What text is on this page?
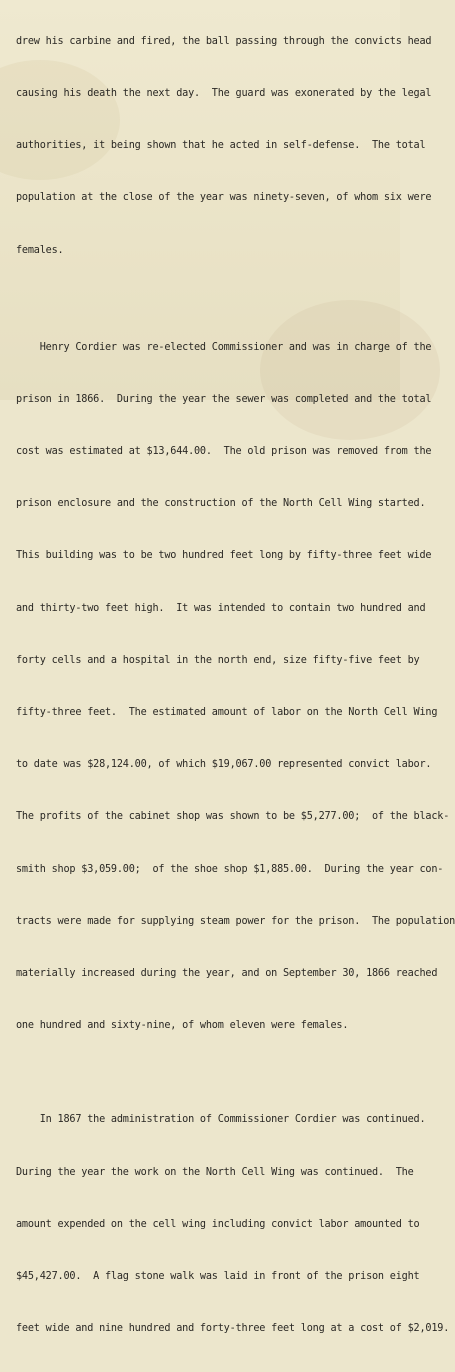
drew his carbine and fired, the ball passing through the convicts head

causing his death the next day.  The guard was exonerated by the legal

authorities, it being shown that he acted in self-defense.  The total

population at the close of the year was ninety-seven, of whom six were

females.

Henry Cordier was re-elected Commissioner and was in charge of the

prison in 1866.  During the year the sewer was completed and the total

cost was estimated at $13,644.00.  The old prison was removed from the

prison enclosure and the construction of the North Cell Wing started.

This building was to be two hundred feet long by fifty-three feet wide

and thirty-two feet high.  It was intended to contain two hundred and

forty cells and a hospital in the north end, size fifty-five feet by

fifty-three feet.  The estimated amount of labor on the North Cell Wing

to date was $28,124.00, of which $19,067.00 represented convict labor.

The profits of the cabinet shop was shown to be $5,277.00;  of the black-

smith shop $3,059.00;  of the shoe shop $1,885.00.  During the year con-

tracts were made for supplying steam power for the prison.  The population

materially increased during the year, and on September 30, 1866 reached

one hundred and sixty-nine, of whom eleven were females.

In 1867 the administration of Commissioner Cordier was continued.

During the year the work on the North Cell Wing was continued.  The

amount expended on the cell wing including convict labor amounted to

$45,427.00.  A flag stone walk was laid in front of the prison eight

feet wide and nine hundred and forty-three feet long at a cost of $2,019.
